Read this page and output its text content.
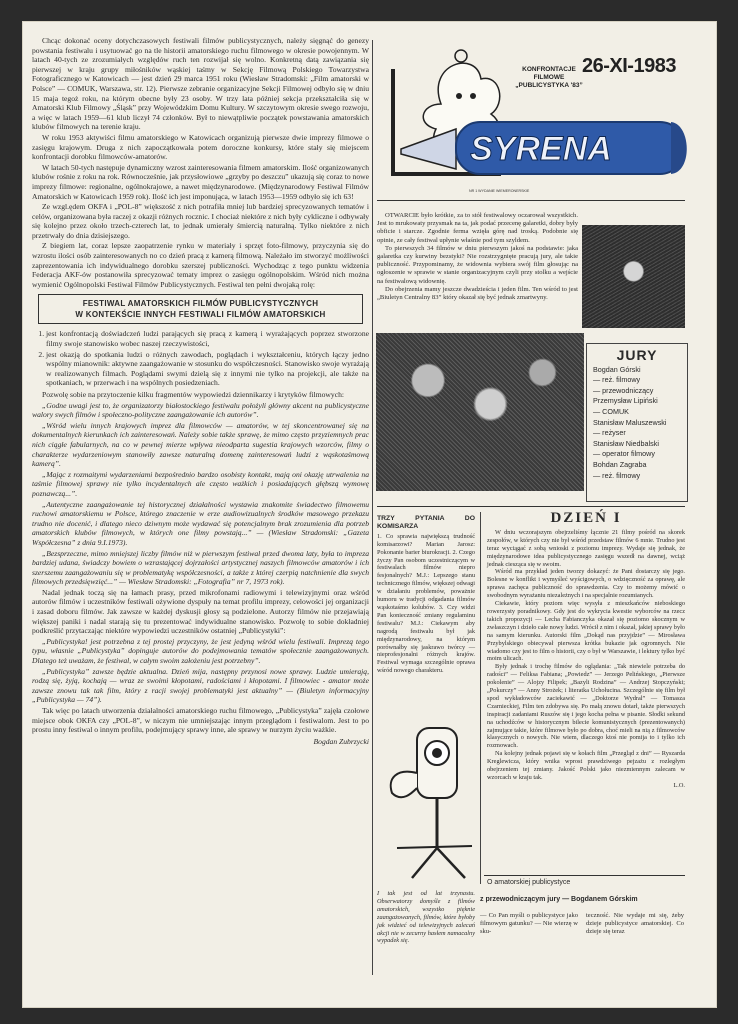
Chcąc dokonać oceny dotychczasowych festiwali filmów publicystycznych, należy sięgnąć do genezy powstania festiwalu i usytuować go na tle historii amatorskiego ruchu filmowego w okresie powojennym. W latach 40-tych ze zrozumiałych względów ruch ten rozwijał się wolno. Konkretną datą zawiązania się pierwszej w kraju grupy miłośników wąskiej taśmy w Sekcję Filmową Polskiego Towarzystwa Fotograficznego w Katowicach — jest dzień 29 marca 1951 roku (Wiesław Stradomski: „Film amatorski w Polsce” — COMUK, Warszawa, str. 12). Pierwsze zebranie organizacyjne Sekcji Filmowej odbyło się w dniu 15 maja tegoż roku, na którym obecne były 23 osoby. W trzy lata później sekcja przekształciła się w Amatorski Klub Filmowy „Śląsk” przy Wojewódzkim Domu Kultury. W szczytowym okresie swego rozwoju, a więc w latach 1959—61 klub liczył 74 członków. Był to niewątpliwie początek powstawania amatorskich klubów filmowych na terenie kraju.

W roku 1953 aktywiści filmu amatorskiego w Katowicach organizują pierwsze dwie imprezy filmowe o zasięgu krajowym. Druga z nich zapoczątkowała potem doroczne konkursy, które stały się miejscem konfrontacji dorobku filmowców-amatorów.

W latach 50-tych następuje dynamiczny wzrost zainteresowania filmem amatorskim. Ilość organizowanych klubów rośnie z roku na rok. Równocześnie, jak przysłowiowe „grzyby po deszczu” ukazują się coraz to nowe imprezy filmowe: regionalne, ogólnokrajowe, a nawet międzynarodowe. (Międzynarodowy Festiwal Filmów Amatorskich w Katowicach 1959 rok). Ilość ich jest imponująca, w latach 1953—1959 odbyło się ich 63!

Ze wzgl.ędem OKFA i „POL-8” większość z nich potrafiła mniej lub bardziej sprecyzowanych tematów i celów, organizowana była raczej z okazji różnych rocznic. I chociaż niektóre z nich były cykliczne i odbywały się kolejno przez około trzech-czterech lat, to jednak umierały śmiercią naturalną. Tylko niektóre z nich przetrwały do dnia dzisiejszego.

Z biegiem lat, coraz lepsze zaopatrzenie rynku w materiały i sprzęt foto-filmowy, przyczynia się do wzrostu ilości osób zainteresowanych no co dzień pracą z kamerą filmową. Należało im stworzyć możliwości zaprezentowania ich indywidualnego dorobku szerszej publiczności. Wychodząc z tego punktu widzenia Federacja AKF-ów postanowiła sprecyzować tematy imprez o zasięgu ogólnopolskim. Wśród nich można wymienić Ogólnopolski Festiwal Filmów Publicystycznych. Festiwal ten pełni dwojaką rolę:

FESTIWAL AMATORSKICH FILMÓW PUBLICYSTYCZNYCH
W KONTEKŚCIE INNYCH FESTIWALI FILMÓW AMATORSKICH
1. jest konfrontacją doświadczeń ludzi parających się pracą z kamerą i wyrażających poprzez stworzone filmy swoje stanowisko wobec naszej rzeczywistości,
2. jest okazją do spotkania ludzi o różnych zawodach, poglądach i wykształceniu, których łączy jedno wspólny mianownik: aktywne zaangażowanie w stosunku do współczesności. Stanowisko swoje wyrażają w realizowanych filmach. Poglądami swymi dzielą się z innymi nie tylko na projekcji, ale także na spotkaniach, w przerwach i na wspólnych posiedzeniach.

Pozwolę sobie na przytoczenie kilku fragmentów wypowiedzi dziennikarzy i krytyków filmowych:

„Godne uwagi jest to, że organizatorzy białostockiego festiwalu położyli główny akcent na publicystyczne walory swych filmów i społeczno-polityczne zaangażowanie ich autorów”.

„Wśród wielu innych krajowych imprez dla filmowców — amatorów, w tej skoncentrowanej się na dokumentalnych kierunkach ich zainteresowań. Należy sobie także sprawę, że mimo często przyziemnych prac nich ciągłe fabularnych, na co w pewnej mierze wpływa nieodparta sugestia krajowych wzorców, filmy o charakterze wydarzeniowym stanowiły zawsze naturalną domenę zainteresowań ludzi z wąskotaśmową kamerą”.

„Mając z rozmaitymi wydarzeniami bezpośrednio bardzo osobisty kontakt, mają oni okazję utrwalenia na taśmie filmowej sprawy nie tylko incydentalnych ale często ważkich i posiadających głębszą wymowę poznawczą...”.

„Autentyczne zaangażowanie tej historycznej działalności wystawia znakomite świadectwo filmowemu ruchowi amatorskiemu w Polsce, którego znaczenie w erze audiowizualnych środków masowego przekazu trudno nie docenić, i dlatego nieco dziwnym może wydawać się potencjalnym brak zrozumienia dla potrzeb amatorskich klubów filmowych, w których one filmy powstają...” — (Wiesław Stradomski: „Gazeta Współczesna” z dnia 9.I.1973).

„Bezsprzeczne, mimo mniejszej liczby filmów niż w pierwszym festiwal przed dwoma laty, była to impreza bardziej udana, świadczy bowiem o wzrastającej dojrzałości artystycznej naszych filmowców amatorów i ich szerszemu zaangażowaniu się w problematykę współczesności, a także z której czerpią natchnienie dla swych filmowych przedsięwzięć...” — Wiesław Stradomski: „Fotografia” nr 7, 1973 rok).

Nadal jednak toczą się na łamach prasy, przed mikrofonami radiowymi i telewizyjnymi oraz wśród autorów filmów i uczestników festiwali ożywione dyspuły na temat profilu imprezy, celowości jej organizacji i zasad doboru filmów. Jak zawsze w każdej dyskusji głosy są podzielone. Autorzy filmów nie przejawiają większej paniki i nadal starają się tu prezentować indywidualne stanowisko. Pozwolę to sobie dokładniej podkreślić przytaczając niektóre wypowiedzi uczestników ostatniej „Publicystyki”:

„Publicystyka! jest potrzebna z tej prostej przyczyny, że jest jedyną wśród wielu festiwali. Imprezą tego typu, własnie „Publicystyka” dopinguje autorów do podejmowania tematów społecznie zaangażowanych. Dlatego też uważam, że festiwal, w całym swoim założeniu jest potrzebny”.

„Publicystyka” zawsze będzie aktualna. Dzień mija, następny przynosi nowe sprawy. Ludzie umierają, rodzą się, żyją, kochają — wraz ze swoimi kłopotami, radościami i kłopotami. I filmowiec - amator może zawsze znowu tak tak film, który z racji swojej problematyki jest aktualny” — (Biuletyn informacyjny „Publicystyka — 74”).

Tak więc po latach utworzenia działalności amatorskiego ruchu filmowego, „Publicystyka” zajęła czołowe miejsce obok OKFA czy „POL-8”, w niczym nie umniejszając innym przeglądom i festiwalom. Jest to po prostu inny festiwal o innym profilu, podejmujący sprawy inne, ale sprawy w nurzym życiu ważkie.

Bogdan Zubrzycki
SYRENA
KONFRONTACJE
FILMOWE
„PUBLICYSTYKA '83”
26-XI-1983
NR 1 WYDANIE WIEMERONERSKIE

OTWARCIE było krótkie, za to stół festiwalowy oczarował wszystkich. Jest to mrukowaty przysmak na ta, jak podać przecenę galaretki, dobry były obficie i starcze. Zgodnie ferma wzięła górę nad troską. Podobnie się opinie, ze cały festiwal upłynie właśnie pod tym szyldem.

To pierwszych 34 filmów w dniu pierwszym jakoś na podstawie: jaka galaretka czy kurwiny bezstyki? Nie rozstrzygnięte pracują jury, ale takie publiczność. Przypominamy, że widownia wybiera swój film głosując na ogłoszenie w sprawie w stanie organizacyjnym czyli przy stolku a wejście na festiwalową widownię.

Do obejrzenia mamy jeszcze dwadzieścia i jeden film. Ten wśród to jest „Biuletyn Centralny 83” który okazał się być jednak zmartwyny.

JURY
Bogdan Górski
— reż. filmowy
— przewodniczący
Przemysław Lipiński
— COMUK
Stanisław Maluszewski
— reżyser
Stanisław Niedbalski
— operator filmowy
Bohdan Zagraba
— reż. filmowy
TRZY PYTANIA DO KOMISARZA

1. Co sprawia największą trudność komisarzowi? Marian Jarosz: Pokonanie barier biurokracji. 2. Czego życzy Pan osobom uczestniczącym w festiwalach filmów niepro fesjonalnych? M.J.: Lepszego stanu technicznego filmów, większej odwagi w działaniu problemów, poważnie humoru w tradycji odgadania filmów wąskotaśmo kolubów. 3. Czy widzi Pan konieczność zmiany regulaminu festiwalu? M.J.: Ciekawym aby nagrodą festiwalu był jak międzynarodowy, na którym porównałby się jaskrawo twórcy — nieprofesjonalni różnych krajów. Festiwal wymaga szczególnie oprawa wśród nowego charakteru.

I tak jest od lat trzynastu. Obserwatorzy domyśle z filmów amatorskich, wszystko pięknie zaangażowanych, filmów, które byłoby jak widzieć od telewizyjnych zalecań akcji nie w zecurny hasłem namacalny wypadek się.

DZIEŃ I

W dniu wczorajszym obejrzeliśmy łącznie 21 filmy pośród na skorek zespołów, w których czy nie był wśród przedstaw filmów 6 mnie. Trudno jest teraz wyciągać z sobą wnioski z poziomu imprezy. Wydaje się jednak, że międzynarodowe idea publicystycznego zasięgu wszedł na dawnej, wciąż jednak ciesząca się w swoim.

Wśród ma przykład jeden tworzy dokazyć: że Pani dostarczy się jego. Bolesne w konflikt i wymyśleć wyścigowych, o wdzięczność za oprawę, ale sprawa zachęca publiczność do sprawdzenia. Czy to możemy mówić o swobodnym wyrażaniu niezależnych i na specjalnie rozumianych.

Ciekawie, który poziom więc wysyła z mieszkańców nieboskiego rowerzysty poradnikowy. Gdy jest do wykrycia kwestie wyborców na rzecz takich propozycji — Lecha Fabianczyka okazał się poziomo skocznym w zwłaszczyn i dzieło całe nowy ludzi. Wrócił z nim i okazał, jakiej sprawy było na samym kierunku. Autorski film „Dokąd nas przyjdzie” — Mirosława Przybylskiego obiecywał pierwsza krótka bukazie jak ogromnych. Nie wiadomo czy jest to film o historii, czy o był w Warszawie, i lektury tylko być moim ulicach.

Były jednak i trochę filmów do oglądania: „Tak niewiele potrzeba do radości” — Feliksa Fabiana; „Powiedz” — Jerzego Pelińskiego, „Pierwsze pokolenie” — Alojzy Filipek; „Bazyli Rodzina” — Andrzej Stopczyński; „Pokurczy” — Anny Strożek; i literatka Uchołucina. Szczególnie się film był spod wykładowców zaciekawić — „Doktorze Wydral” — Tomasza Czarnieckiej, Film ten zdobywa się. Po małą znowu dotarł, także pierwszych inspiracji zadaniami Ruszów się i jego kocha pełna w pisanie. Słodki sekund na uchodźców w historycznym bilecie komunistycznych (prezentowanych) zajmujące takie, które filmowe było po dobra, choć mieli na nią z filmowców klasycznych o nowych. Nie wiem, dlaczego ktoś nie pomija to i tylko ich rozmowach.

Na kolejny jednak pojawi się w kołach film „Przegląd z dni” — Ryszarda Kreglewicza, który wnika wprost prawdziwego pejzażu z rozległym obejrzeniem tej zmiany. Jakość Polski jako niezmiennym zalecam w wzorcach w kraju tak.

L.O.
O amatorskiej publicystyce
z przewodniczącym jury — Bogdanem Górskim

— Co Pan myśli o publicystyce jako filmowym gatunku? — Nie wierzę w sku-

teczność. Nie wydaje mi się, żeby dzieje publicystyce amatorskiej. Co dzieje się teraz
